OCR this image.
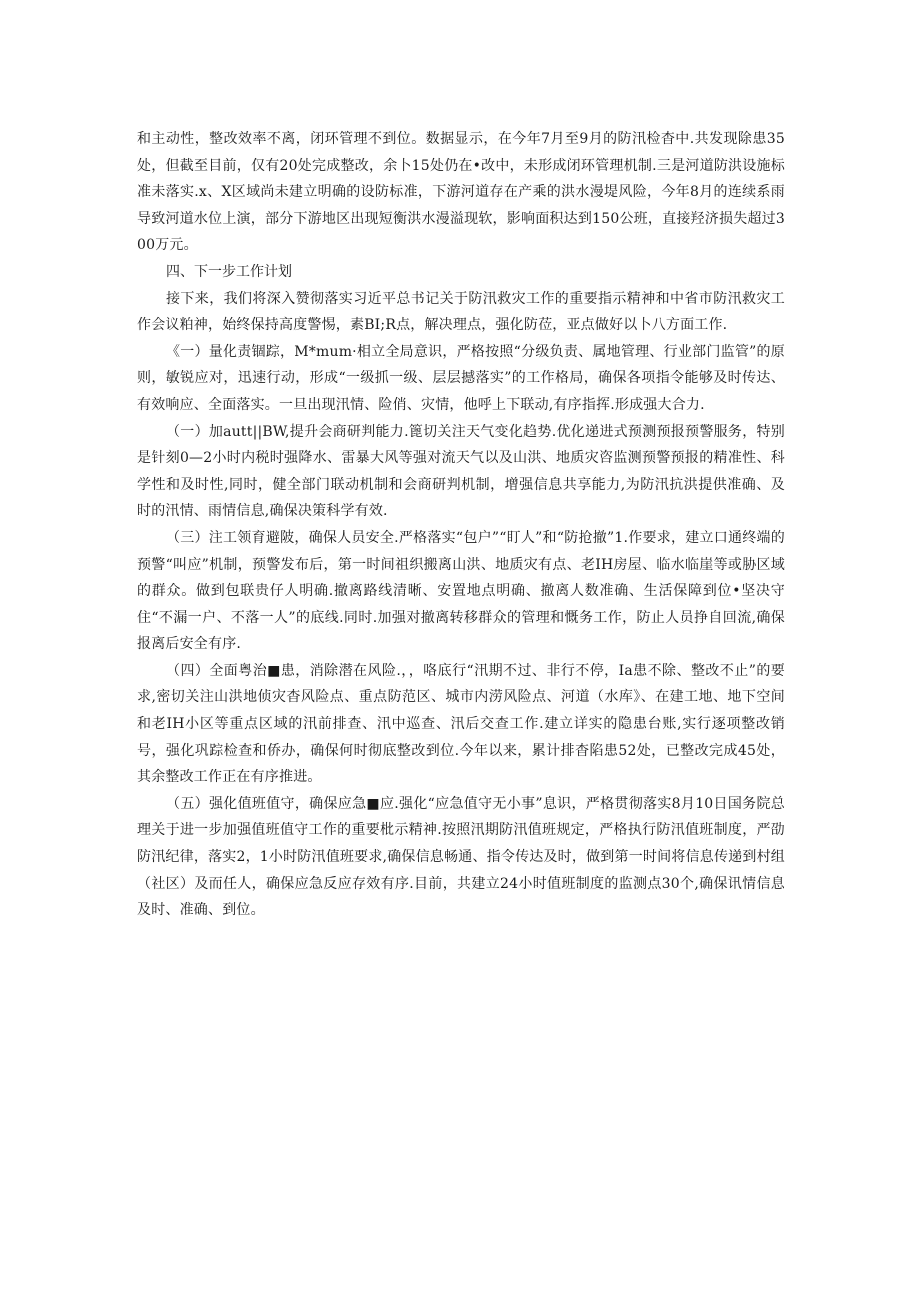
和主动性，整改效率不离，闭环管理不到位。数据显示，在今年7月至9月的防汛检杳中.共发现除患35处，但截至目前，仅有20处完成整改，余卜15处仍在•改中，未形成闭环管理机制.三是河道防洪设施标准未落实.x、X区域尚未建立明确的设防标准，下游河道存在产乘的洪水漫堤风险，今年8月的连续系雨导致河道水位上演，部分下游地区出现短衡洪水漫溢现软，影响面积达到150公班，直接羟济损失超过300万元。

四、下一步工作计划

接下来，我们将深入赞彻落实习近平总书记关于防汛救灾工作的重要指示精神和中省市防汛救灾工作会议粕神，始终保持高度警惕，素BI;R点，解决理点，强化防莅，亚点做好以卜八方面工作.

《一）量化责锢踪，M*mum·相立全局意识，严格按照“分级负责、属地管理、行业部门监管”的原则，敏锐应对，迅速行动，形成“一级抓一级、层层撼落实”的工作格局，确保各项指令能够及时传达、有效响应、全面落实。一旦出现汛情、险俏、灾情，他呼上下联动,有序指挥.形成强大合力.

（一）加autt||BW,提升会商研判能力.篦切关注天气变化趋势.优化递进式预测预报预警服务，特别是针刻0—2小时内税时强降水、雷暴大风等强对流天气以及山洪、地质灾咨监测预警预报的精准性、科学性和及时性,同时，健全部门联动机制和会商研判机制，增强信息共享能力,为防汛抗洪提供准确、及时的汛情、雨情信息,确保决策科学有效.

（三）注工领育避陂，确保人员安全.严格落实“包户”“盯人”和“防抢撤”1.作要求，建立口通终端的预警“叫应”机制，预警发布后，第一时间祖织搬离山洪、地质灾有点、老IH房屋、临水临崖等或胁区域的群众。做到包联贵仔人明确.撤离路线清晰、安置地点明确、撤离人数准确、生活保障到位•坚决守住“不漏一户、不落一人”的底线.同时.加强对撤离转移群众的管理和慨务工作，防止人员挣自回流,确保报离后安全有序.

（四）全面粤治■患，消除潜在风险.，，咯底行“汛期不过、非行不停，Ia患不除、整改不止”的要求,密切关注山洪地侦灾杳风险点、重点防范区、城市内涝风险点、河道（水库》、在建工地、地下空间和老IH小区等重点区域的汛前排查、汛中巡查、汛后交查工作.建立详实的隐患台账,实行逐项整改销号，强化巩踪检查和侨办，确保何时彻底整改到位.今年以来，累计排杳陷患52处，已整改完成45处，其余整改工作正在有序推进。

（五）强化值班值守，确保应急■应.强化“应急值守无小事”息识，严格贯彻落实8月10日国务院总理关于进一步加强值班值守工作的重要枇示精神.按照汛期防汛值班规定，严格执行防汛值班制度，严劭防汛纪律，落实2，1小时防汛值班要求,确保信息畅通、指令传达及时，做到第一时间将信息传递到村组（社区）及而任人，确保应急反应存效有序.目前，共建立24小时值班制度的监测点30个,确保讯情信息及时、准确、到位。
